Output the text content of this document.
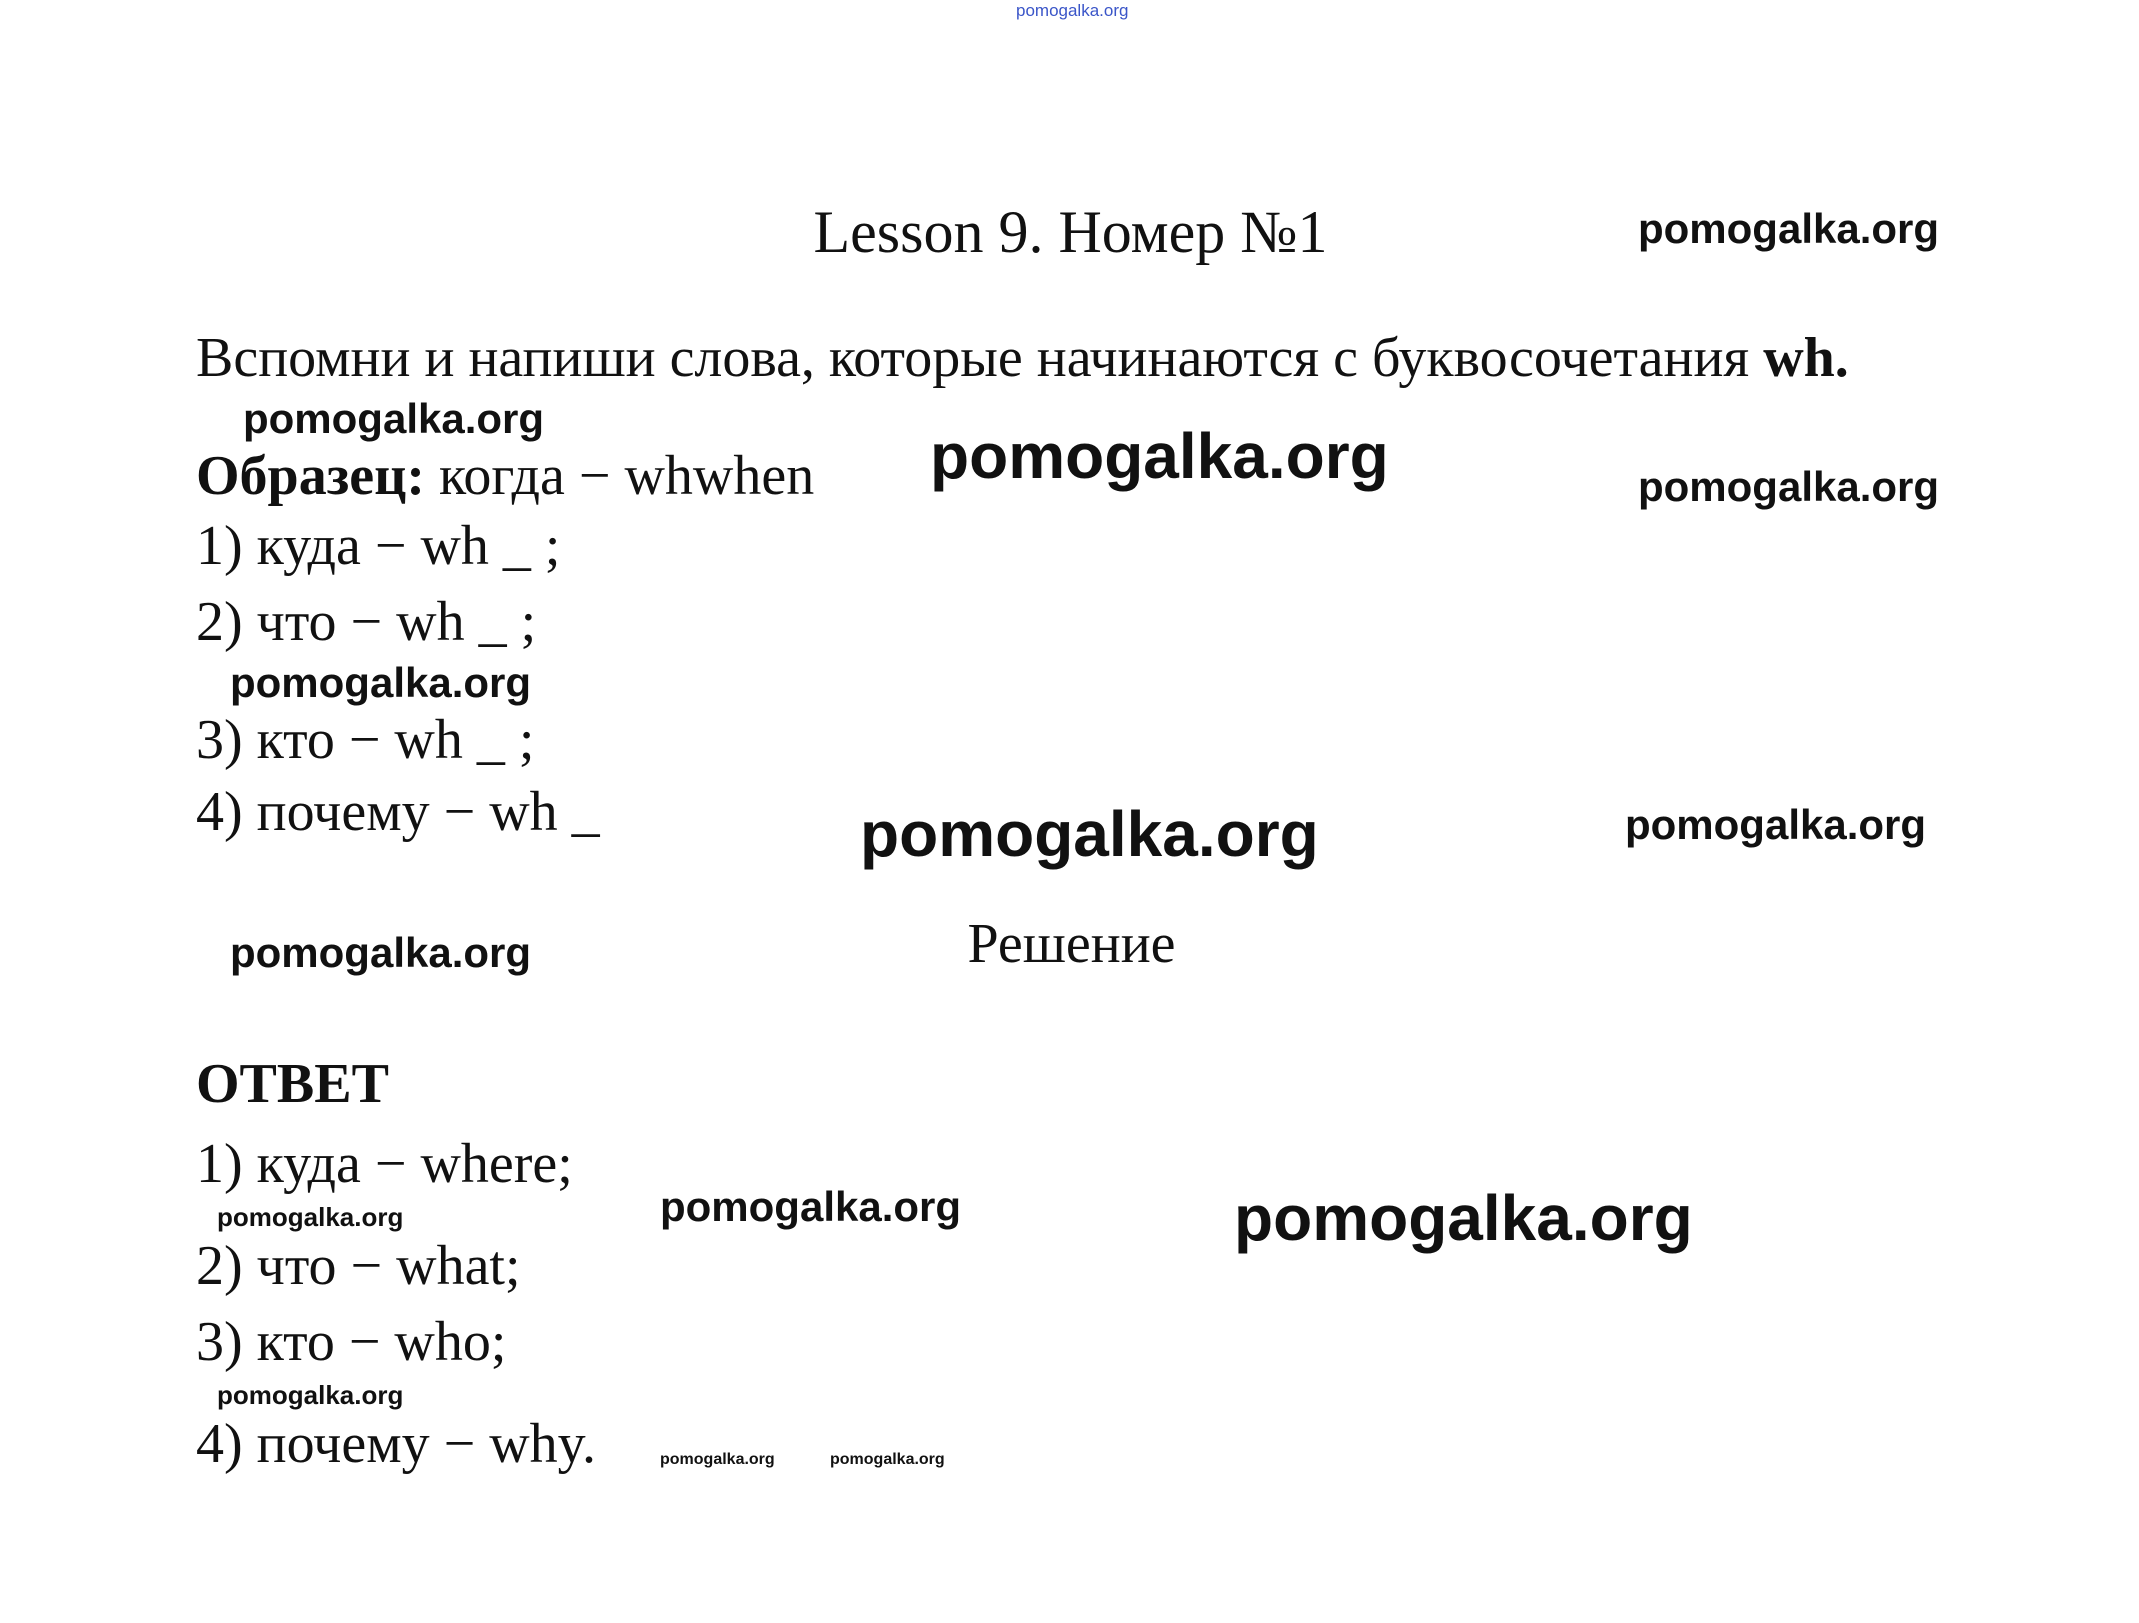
pomogalka.org
Lesson 9. Номер №1
Вспомни и напиши слова, которые начинаются с буквосочетания wh.
Образец: когда − whwhen
1) куда − wh _ ;
2) что − wh _ ;
3) кто − wh _ ;
4) почему − wh _
Решение
ОТВЕТ
1) куда − where;
2) что − what;
3) кто − who;
4) почему − why.
pomogalka.org
pomogalka.org
pomogalka.org	pomogalka.org
pomogalka.org
pomogalka.org	pomogalka.org
pomogalka.org
pomogalka.org	pomogalka.org	pomogalka.org
pomogalka.org
pomogalka.org	pomogalka.org
